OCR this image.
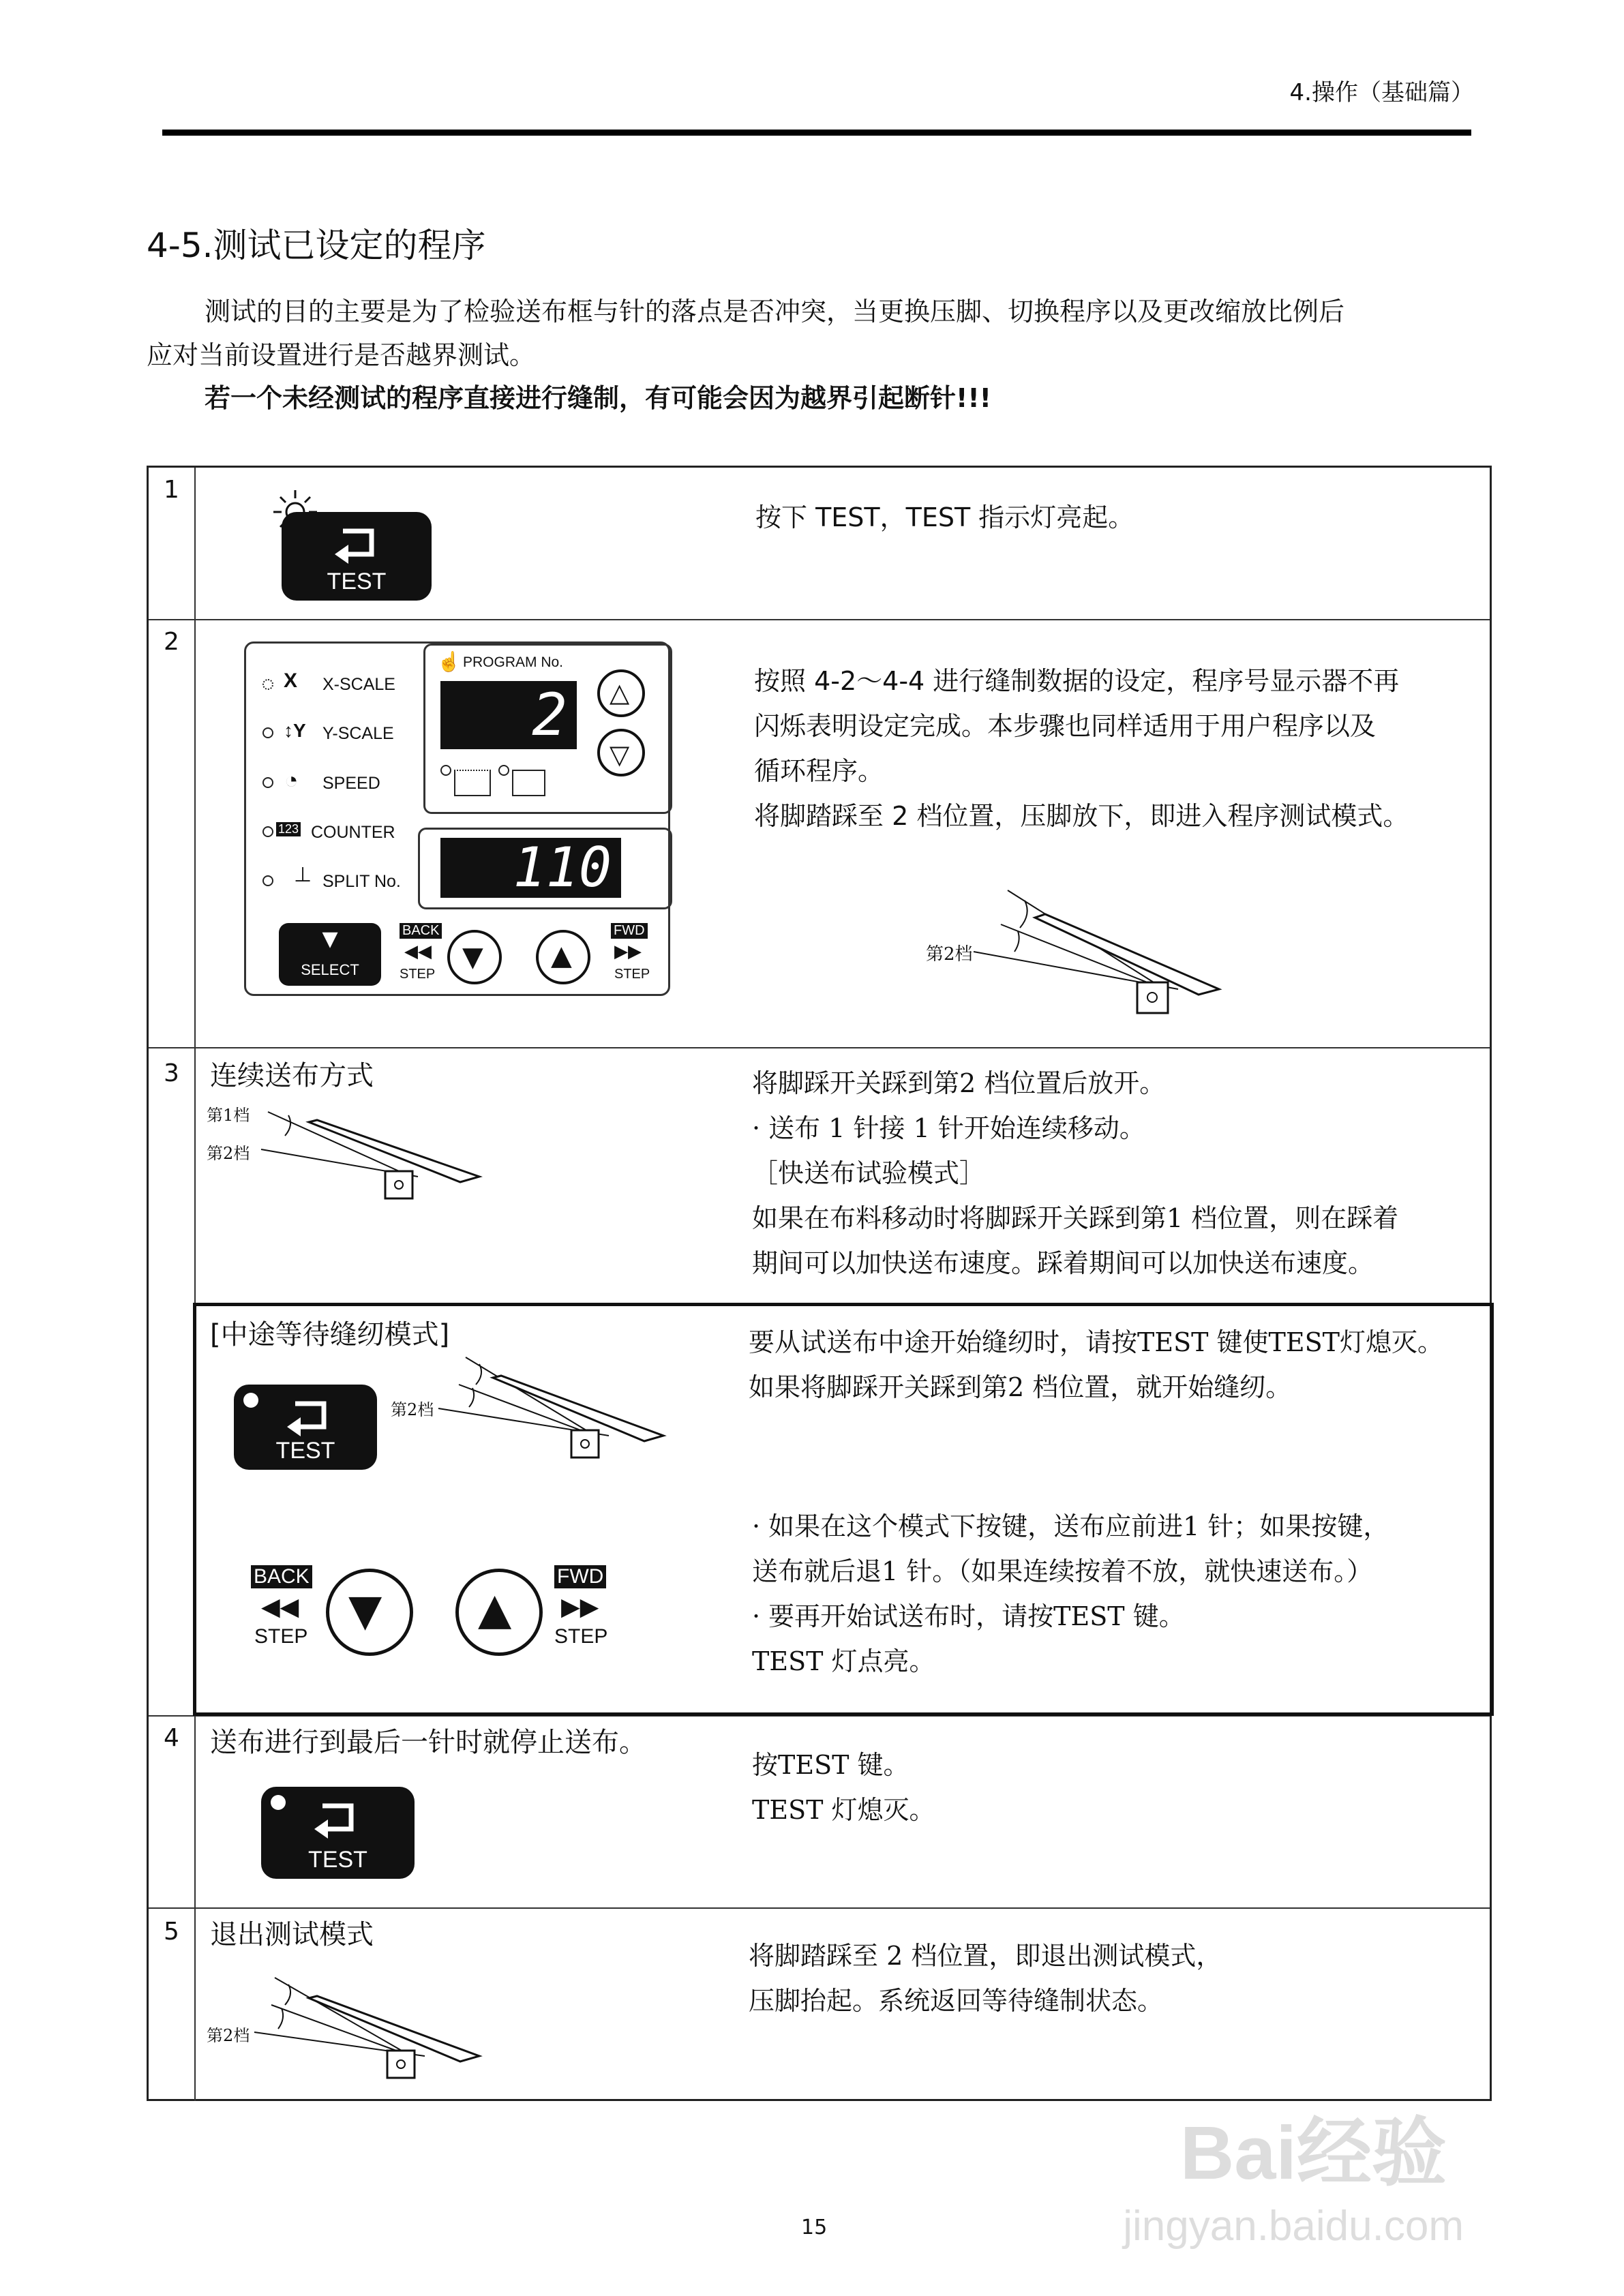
4.操作（基础篇）
4-5.测试已设定的程序
测试的目的主要是为了检验送布框与针的落点是否冲突，当更换压脚、切换程序以及更改缩放比例后
应对当前设置进行是否越界测试。
若一个未经测试的程序直接进行缝制，有可能会因为越界引起断针!!!
1
TEST
按下 TEST，TEST 指示灯亮起。
2
X X-SCALE
↕Y Y-SCALE
◔ SPEED
123 COUNTER
⊥ SPLIT No.
☝ PROGRAM No.
2	△
▽
110
▼
SELECT
BACK
◀◀
STEP
▼ ▲
FWD
▶▶
STEP
按照 4-2～4-4 进行缝制数据的设定，程序号显示器不再
闪烁表明设定完成。本步骤也同样适用于用户程序以及
循环程序。
将脚踏踩至 2 档位置，压脚放下，即进入程序测试模式。
第2档
3 连续送布方式
第1档
第2档
将脚踩开关踩到第2 档位置后放开。
· 送布 1 针接 1 针开始连续移动。
［快送布试验模式］
如果在布料移动时将脚踩开关踩到第1 档位置，则在踩着
期间可以加快送布速度。踩着期间可以加快送布速度。
[中途等待缝纫模式]
TEST
第2档
BACK
◀◀
STEP
▼ ▲
FWD
▶▶
STEP
要从试送布中途开始缝纫时，请按TEST 键使TEST灯熄灭。
如果将脚踩开关踩到第2 档位置，就开始缝纫。
· 如果在这个模式下按键，送布应前进1 针；如果按键，
送布就后退1 针。（如果连续按着不放，就快速送布。）
· 要再开始试送布时，请按TEST 键。
TEST 灯点亮。
4 送布进行到最后一针时就停止送布。
TEST
按TEST 键。
TEST 灯熄灭。
5 退出测试模式
第2档
将脚踏踩至 2 档位置，即退出测试模式，
压脚抬起。系统返回等待缝制状态。
Bai经验
jingyan.baidu.com
15
